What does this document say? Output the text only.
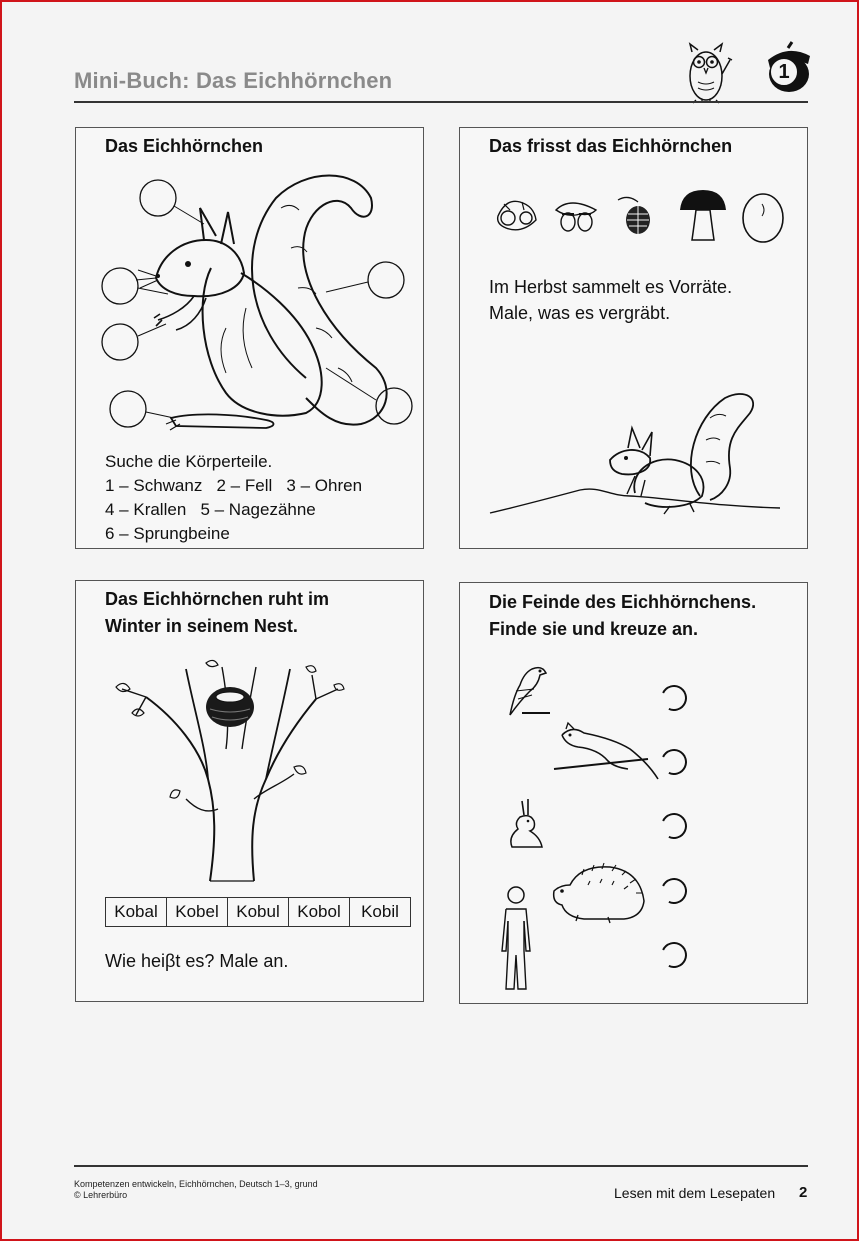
Mini-Buch: Das Eichhörnchen	1
Das Eichhörnchen
Suche die Körperteile.
1 – Schwanz   2 – Fell   3 – Ohren
4 – Krallen   5 – Nagezähne
6 – Sprungbeine
Das frisst das Eichhörnchen
Im Herbst sammelt es Vorräte.
Male, was es vergräbt.
Das Eichhörnchen ruht im
Winter in seinem Nest.
Kobal	Kobel	Kobul	Kobol	Kobil
Wie heiβt es? Male an.
Die Feinde des Eichhörnchens.
Finde sie und kreuze an.
Kompetenzen entwickeln, Eichhörnchen, Deutsch 1–3, grund
© Lehrerbüro	Lesen mit dem Lesepaten 2
